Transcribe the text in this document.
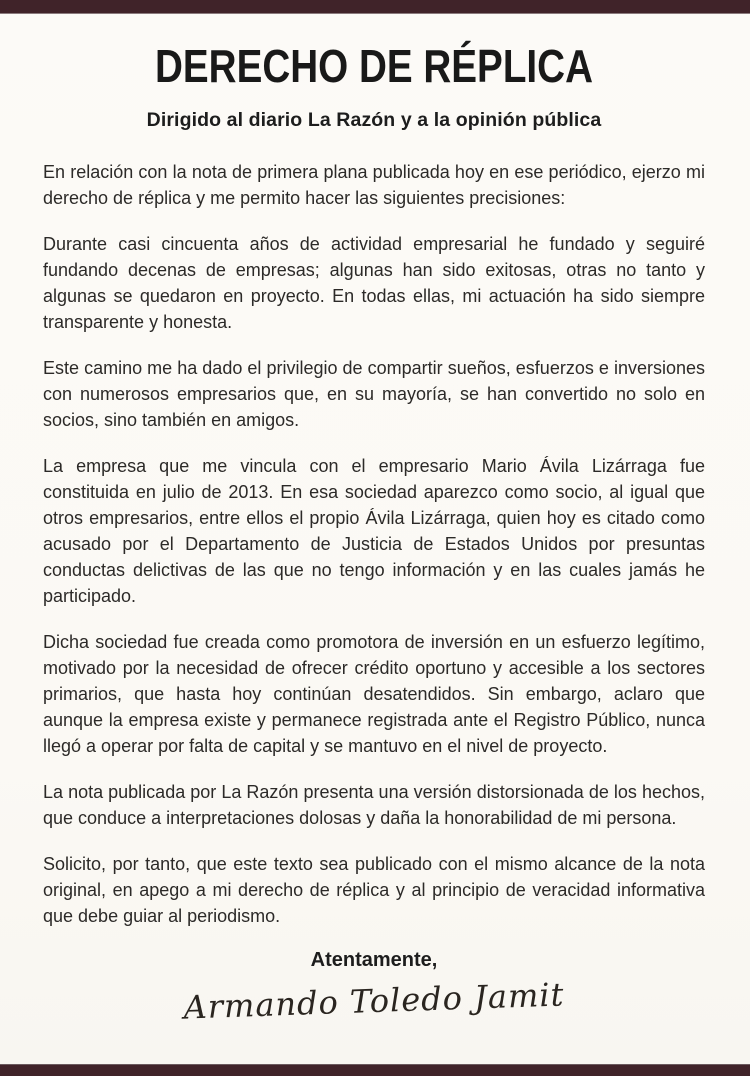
DERECHO DE RÉPLICA
Dirigido al diario La Razón y a la opinión pública

En relación con la nota de primera plana publicada hoy en ese periódico, ejerzo mi derecho de réplica y me permito hacer las siguientes precisiones:

Durante casi cincuenta años de actividad empresarial he fundado y seguiré fundando decenas de empresas; algunas han sido exitosas, otras no tanto y algunas se quedaron en proyecto. En todas ellas, mi actuación ha sido siempre transparente y honesta.

Este camino me ha dado el privilegio de compartir sueños, esfuerzos e inversiones con numerosos empresarios que, en su mayoría, se han convertido no solo en socios, sino también en amigos.

La empresa que me vincula con el empresario Mario Ávila Lizárraga fue constituida en julio de 2013. En esa sociedad aparezco como socio, al igual que otros empresarios, entre ellos el propio Ávila Lizárraga, quien hoy es citado como acusado por el Departamento de Justicia de Estados Unidos por presuntas conductas delictivas de las que no tengo información y en las cuales jamás he participado.

Dicha sociedad fue creada como promotora de inversión en un esfuerzo legítimo, motivado por la necesidad de ofrecer crédito oportuno y accesible a los sectores primarios, que hasta hoy continúan desatendidos. Sin embargo, aclaro que aunque la empresa existe y permanece registrada ante el Registro Público, nunca llegó a operar por falta de capital y se mantuvo en el nivel de proyecto.

La nota publicada por La Razón presenta una versión distorsionada de los hechos, que conduce a interpretaciones dolosas y daña la honorabilidad de mi persona.

Solicito, por tanto, que este texto sea publicado con el mismo alcance de la nota original, en apego a mi derecho de réplica y al principio de veracidad informativa que debe guiar al periodismo.

Atentamente,

Armando Toledo Jamit
